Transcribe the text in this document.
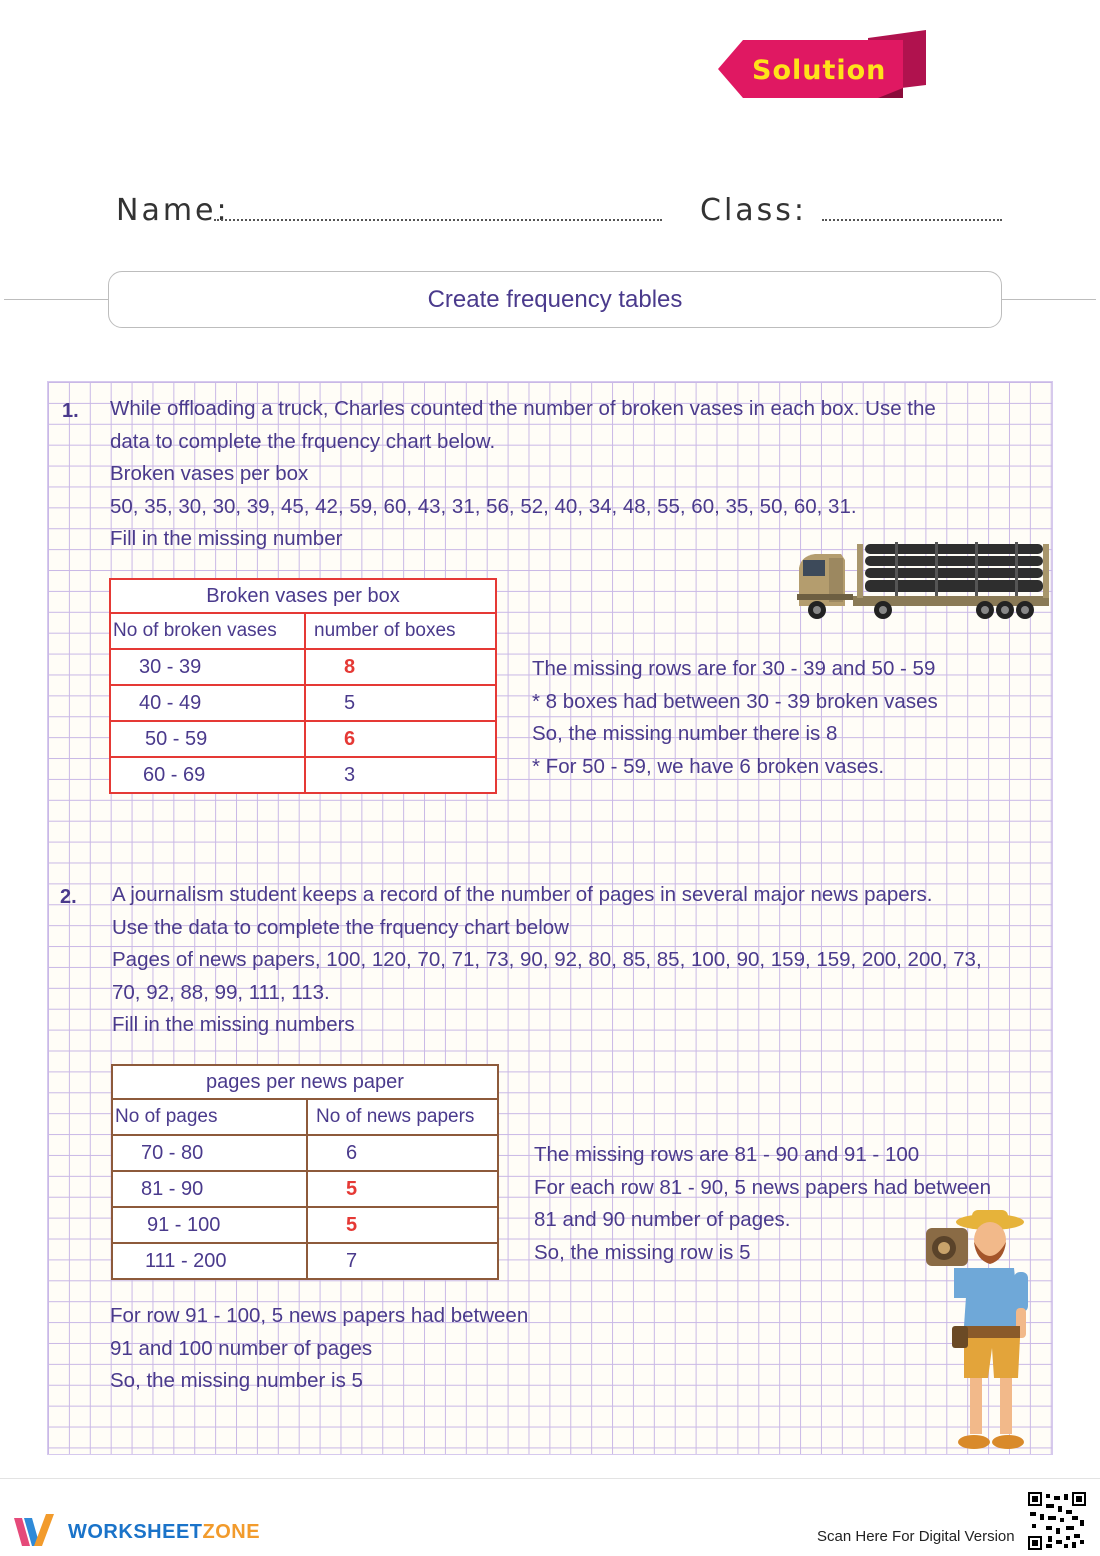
Solution
Name:	Class:
Create frequency tables
1. While offloading a truck, Charles counted the number of broken vases in each box. Use the
data to complete the frquency chart below.
Broken vases per box
50, 35, 30, 30, 39, 45, 42, 59, 60, 43, 31, 56, 52, 40, 34, 48, 55, 60, 35, 50, 60, 31.
Fill in the missing number
Broken vases per box	
No of broken vases	number of boxes
30 - 39	8
40 - 49	5
50 - 59	6
60 - 69	3
The missing rows are for 30 - 39 and 50 - 59
* 8 boxes had between 30 - 39 broken vases
So, the missing number there is 8
* For 50 - 59, we have 6 broken vases.
2. A journalism student keeps a record of the number of pages in several major news papers.
Use the data to complete the frquency chart below
Pages of news papers, 100, 120, 70, 71, 73, 90, 92, 80, 85, 85, 100, 90, 159, 159, 200, 200, 73,
70, 92, 88, 99, 111, 113.
Fill in the missing numbers
pages per news paper	
No of pages	No of news papers
70 - 80	6
81 - 90	5
91 - 100	5
111 - 200	7
The missing rows are 81 - 90 and 91 - 100
For each row 81 - 90, 5 news papers had between
81 and 90 number of pages.
So, the missing row is 5
For row 91 - 100, 5 news papers had between
91 and 100 number of pages
So, the missing number is 5
WORKSHEETZONE	Scan Here For Digital Version
